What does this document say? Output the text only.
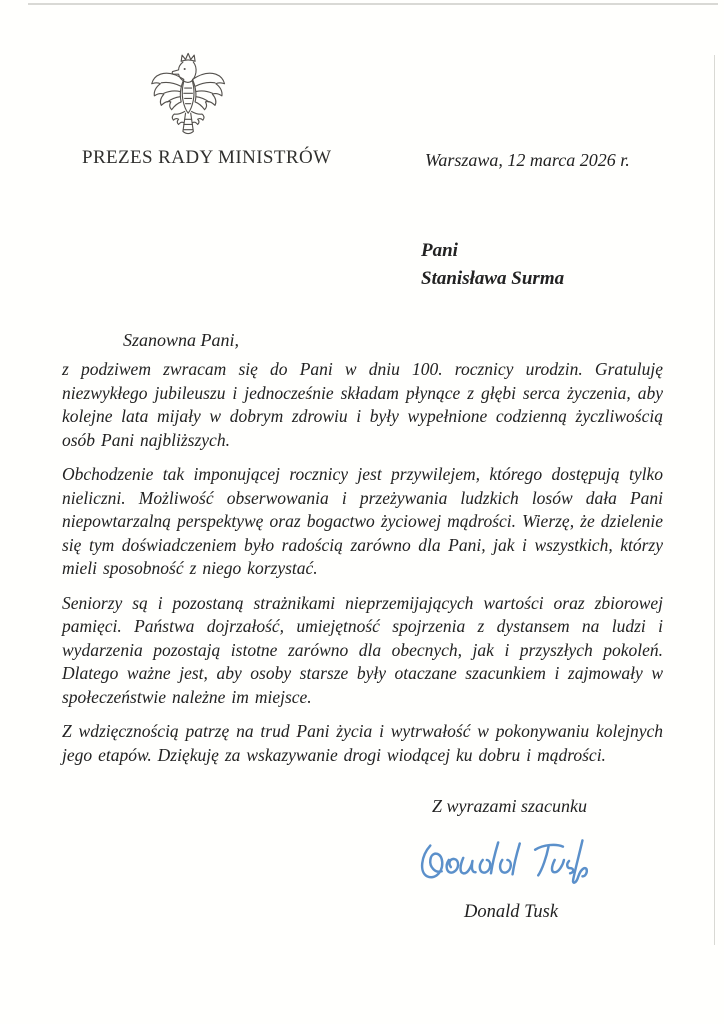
PREZES RADY MINISTRÓW	Warszawa, 12 marca 2026 r.
Pani
Stanisława Surma
Szanowna Pani,

z podziwem zwracam się do Pani w dniu 100. rocznicy urodzin. Gratuluję niezwykłego jubileuszu i jednocześnie składam płynące z głębi serca życzenia, aby kolejne lata mijały w dobrym zdrowiu i były wypełnione codzienną życzliwością osób Pani najbliższych.

Obchodzenie tak imponującej rocznicy jest przywilejem, którego dostępują tylko nieliczni. Możliwość obserwowania i przeżywania ludzkich losów dała Pani niepowtarzalną perspektywę oraz bogactwo życiowej mądrości. Wierzę, że dzielenie się tym doświadczeniem było radością zarówno dla Pani, jak i wszystkich, którzy mieli sposobność z niego korzystać.

Seniorzy są i pozostaną strażnikami nieprzemijających wartości oraz zbiorowej pamięci. Państwa dojrzałość, umiejętność spojrzenia z dystansem na ludzi i wydarzenia pozostają istotne zarówno dla obecnych, jak i przyszłych pokoleń. Dlatego ważne jest, aby osoby starsze były otaczane szacunkiem i zajmowały w społeczeństwie należne im miejsce.

Z wdzięcznością patrzę na trud Pani życia i wytrwałość w pokonywaniu kolejnych jego etapów. Dziękuję za wskazywanie drogi wiodącej ku dobru i mądrości.

Z wyrazami szacunku
Donald Tusk
